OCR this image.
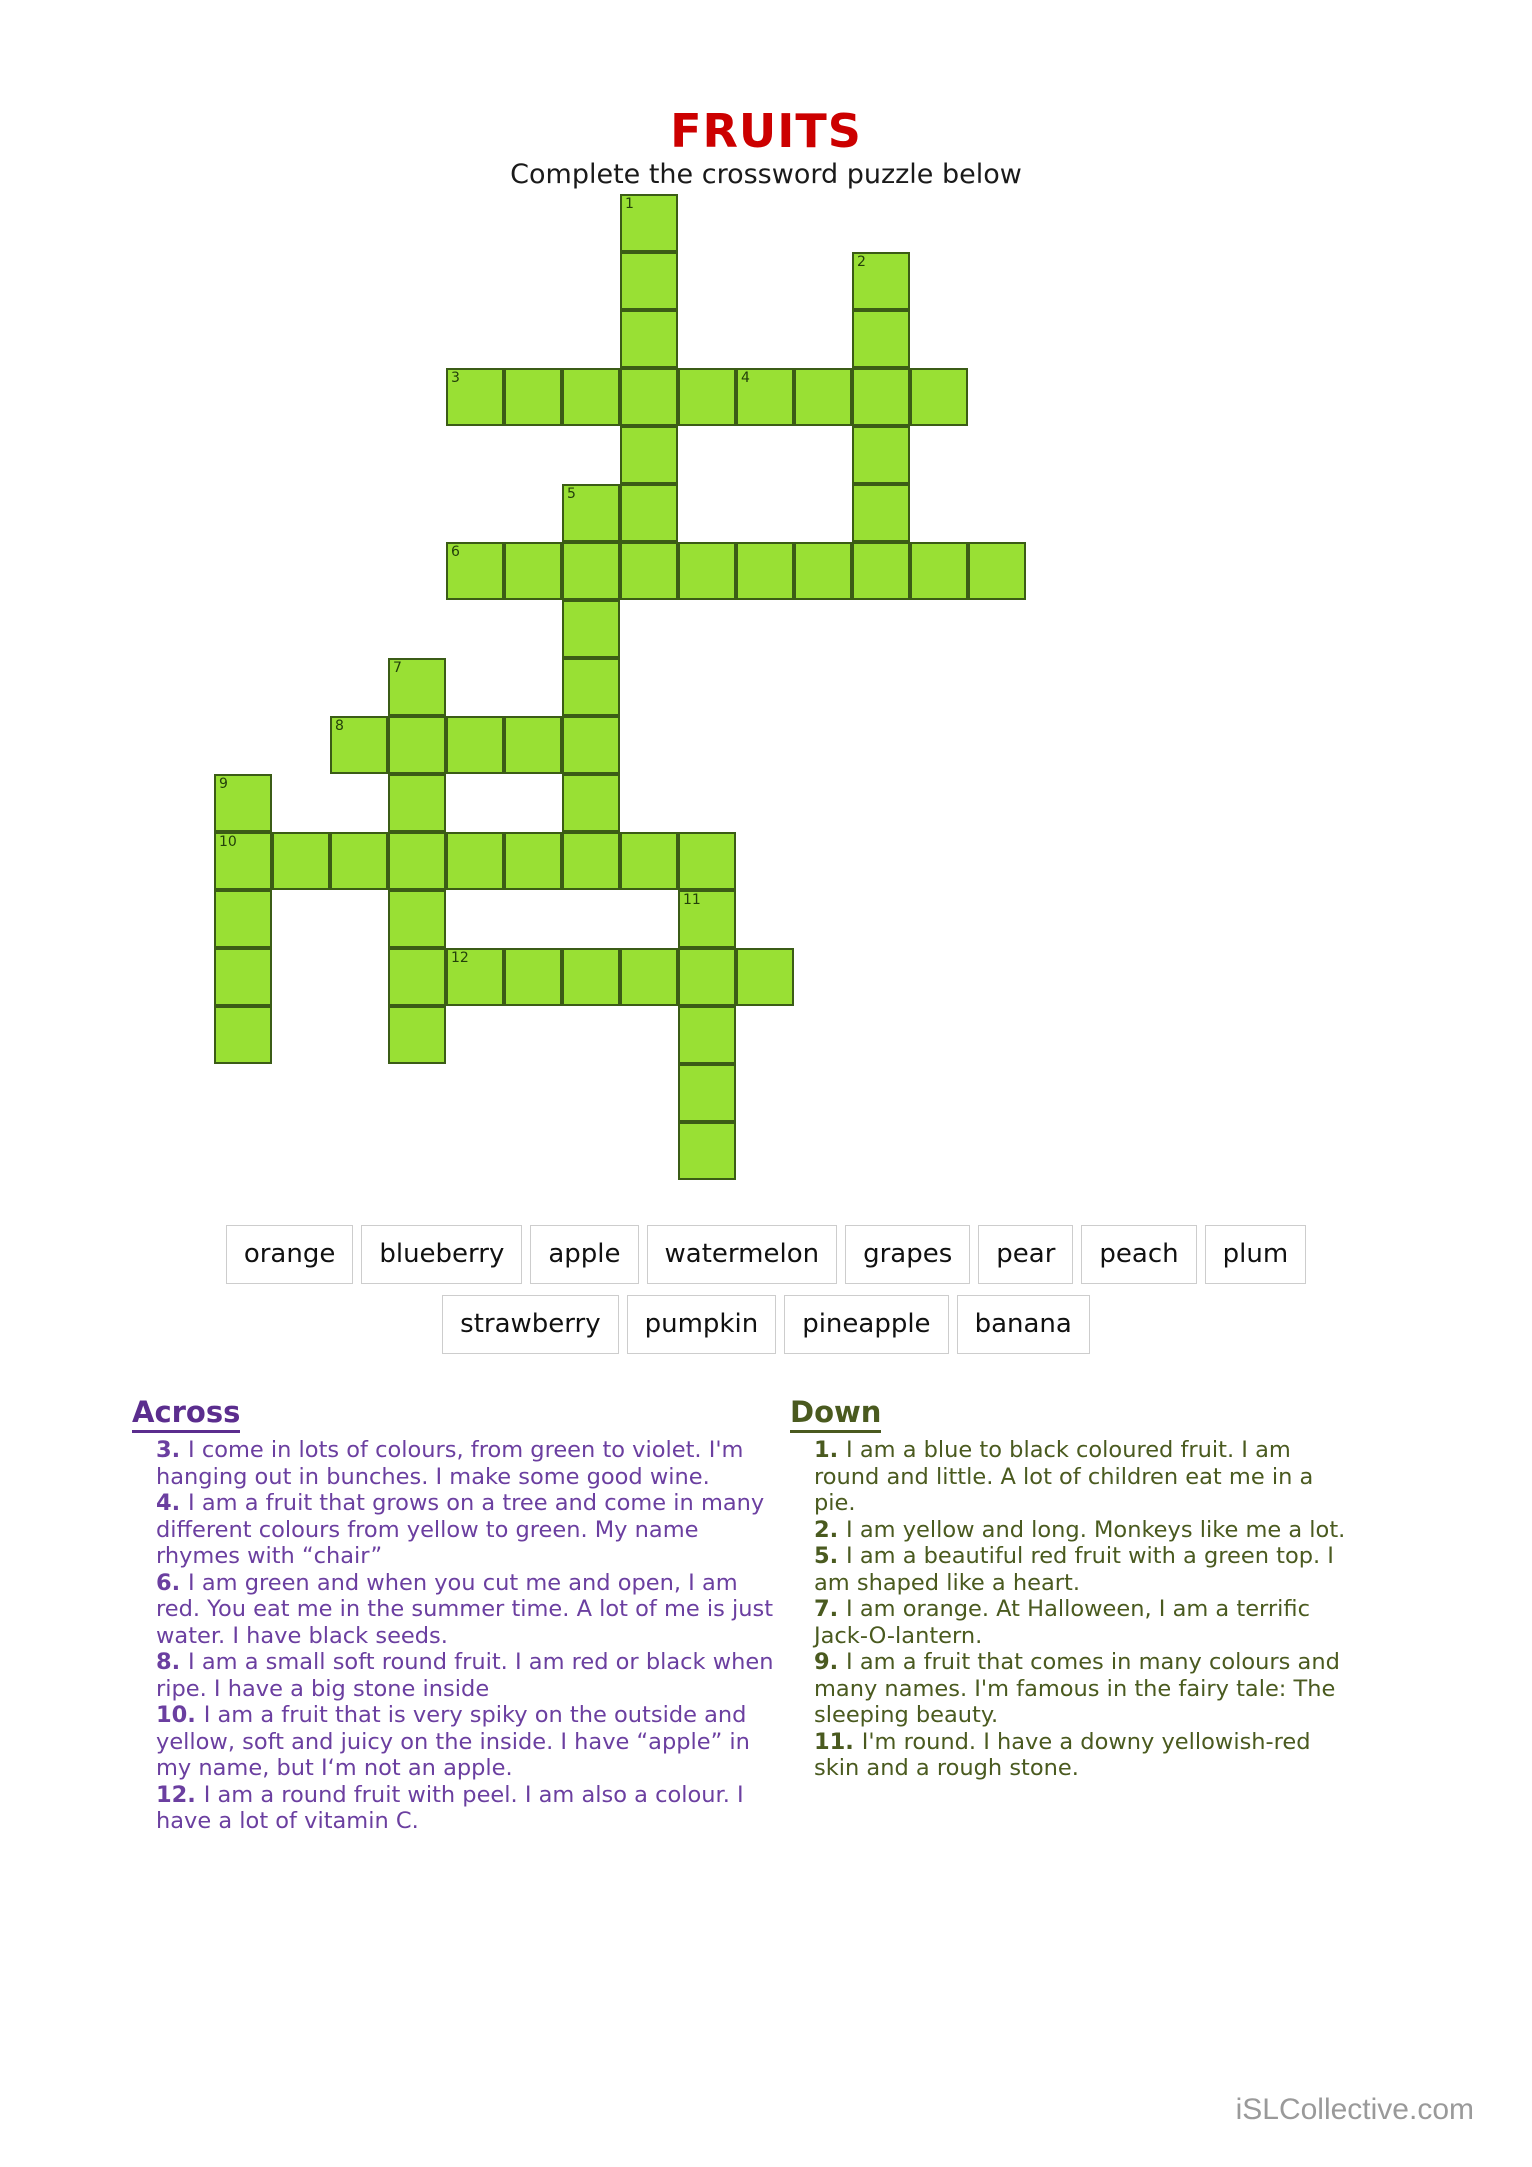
FRUITS
Complete the crossword puzzle below
1
2
3	4
5
6
7
8
9
10
11
12
orange	blueberry	apple	watermelon	grapes	pear	peach	plum
strawberry	pumpkin	pineapple	banana
Across
3. I come in lots of colours, from green to violet. I'm hanging out in bunches. I make some good wine.
4. I am a fruit that grows on a tree and come in many different colours from yellow to green. My name rhymes with “chair”
6. I am green and when you cut me and open, I am red. You eat me in the summer time. A lot of me is just water. I have black seeds.
8. I am a small soft round fruit. I am red or black when ripe. I have a big stone inside
10. I am a fruit that is very spiky on the outside and yellow, soft and juicy on the inside. I have “apple” in my name, but I‘m not an apple.
12. I am a round fruit with peel. I am also a colour. I have a lot of vitamin C.
Down
1. I am a blue to black coloured fruit. I am round and little. A lot of children eat me in a pie.
2. I am yellow and long. Monkeys like me a lot.
5. I am a beautiful red fruit with a green top. I am shaped like a heart.
7. I am orange. At Halloween, I am a terrific Jack-O-lantern.
9. I am a fruit that comes in many colours and many names. I'm famous in the fairy tale: The sleeping beauty.
11. I'm round. I have a downy yellowish-red skin and a rough stone.
iSLCollective.com
